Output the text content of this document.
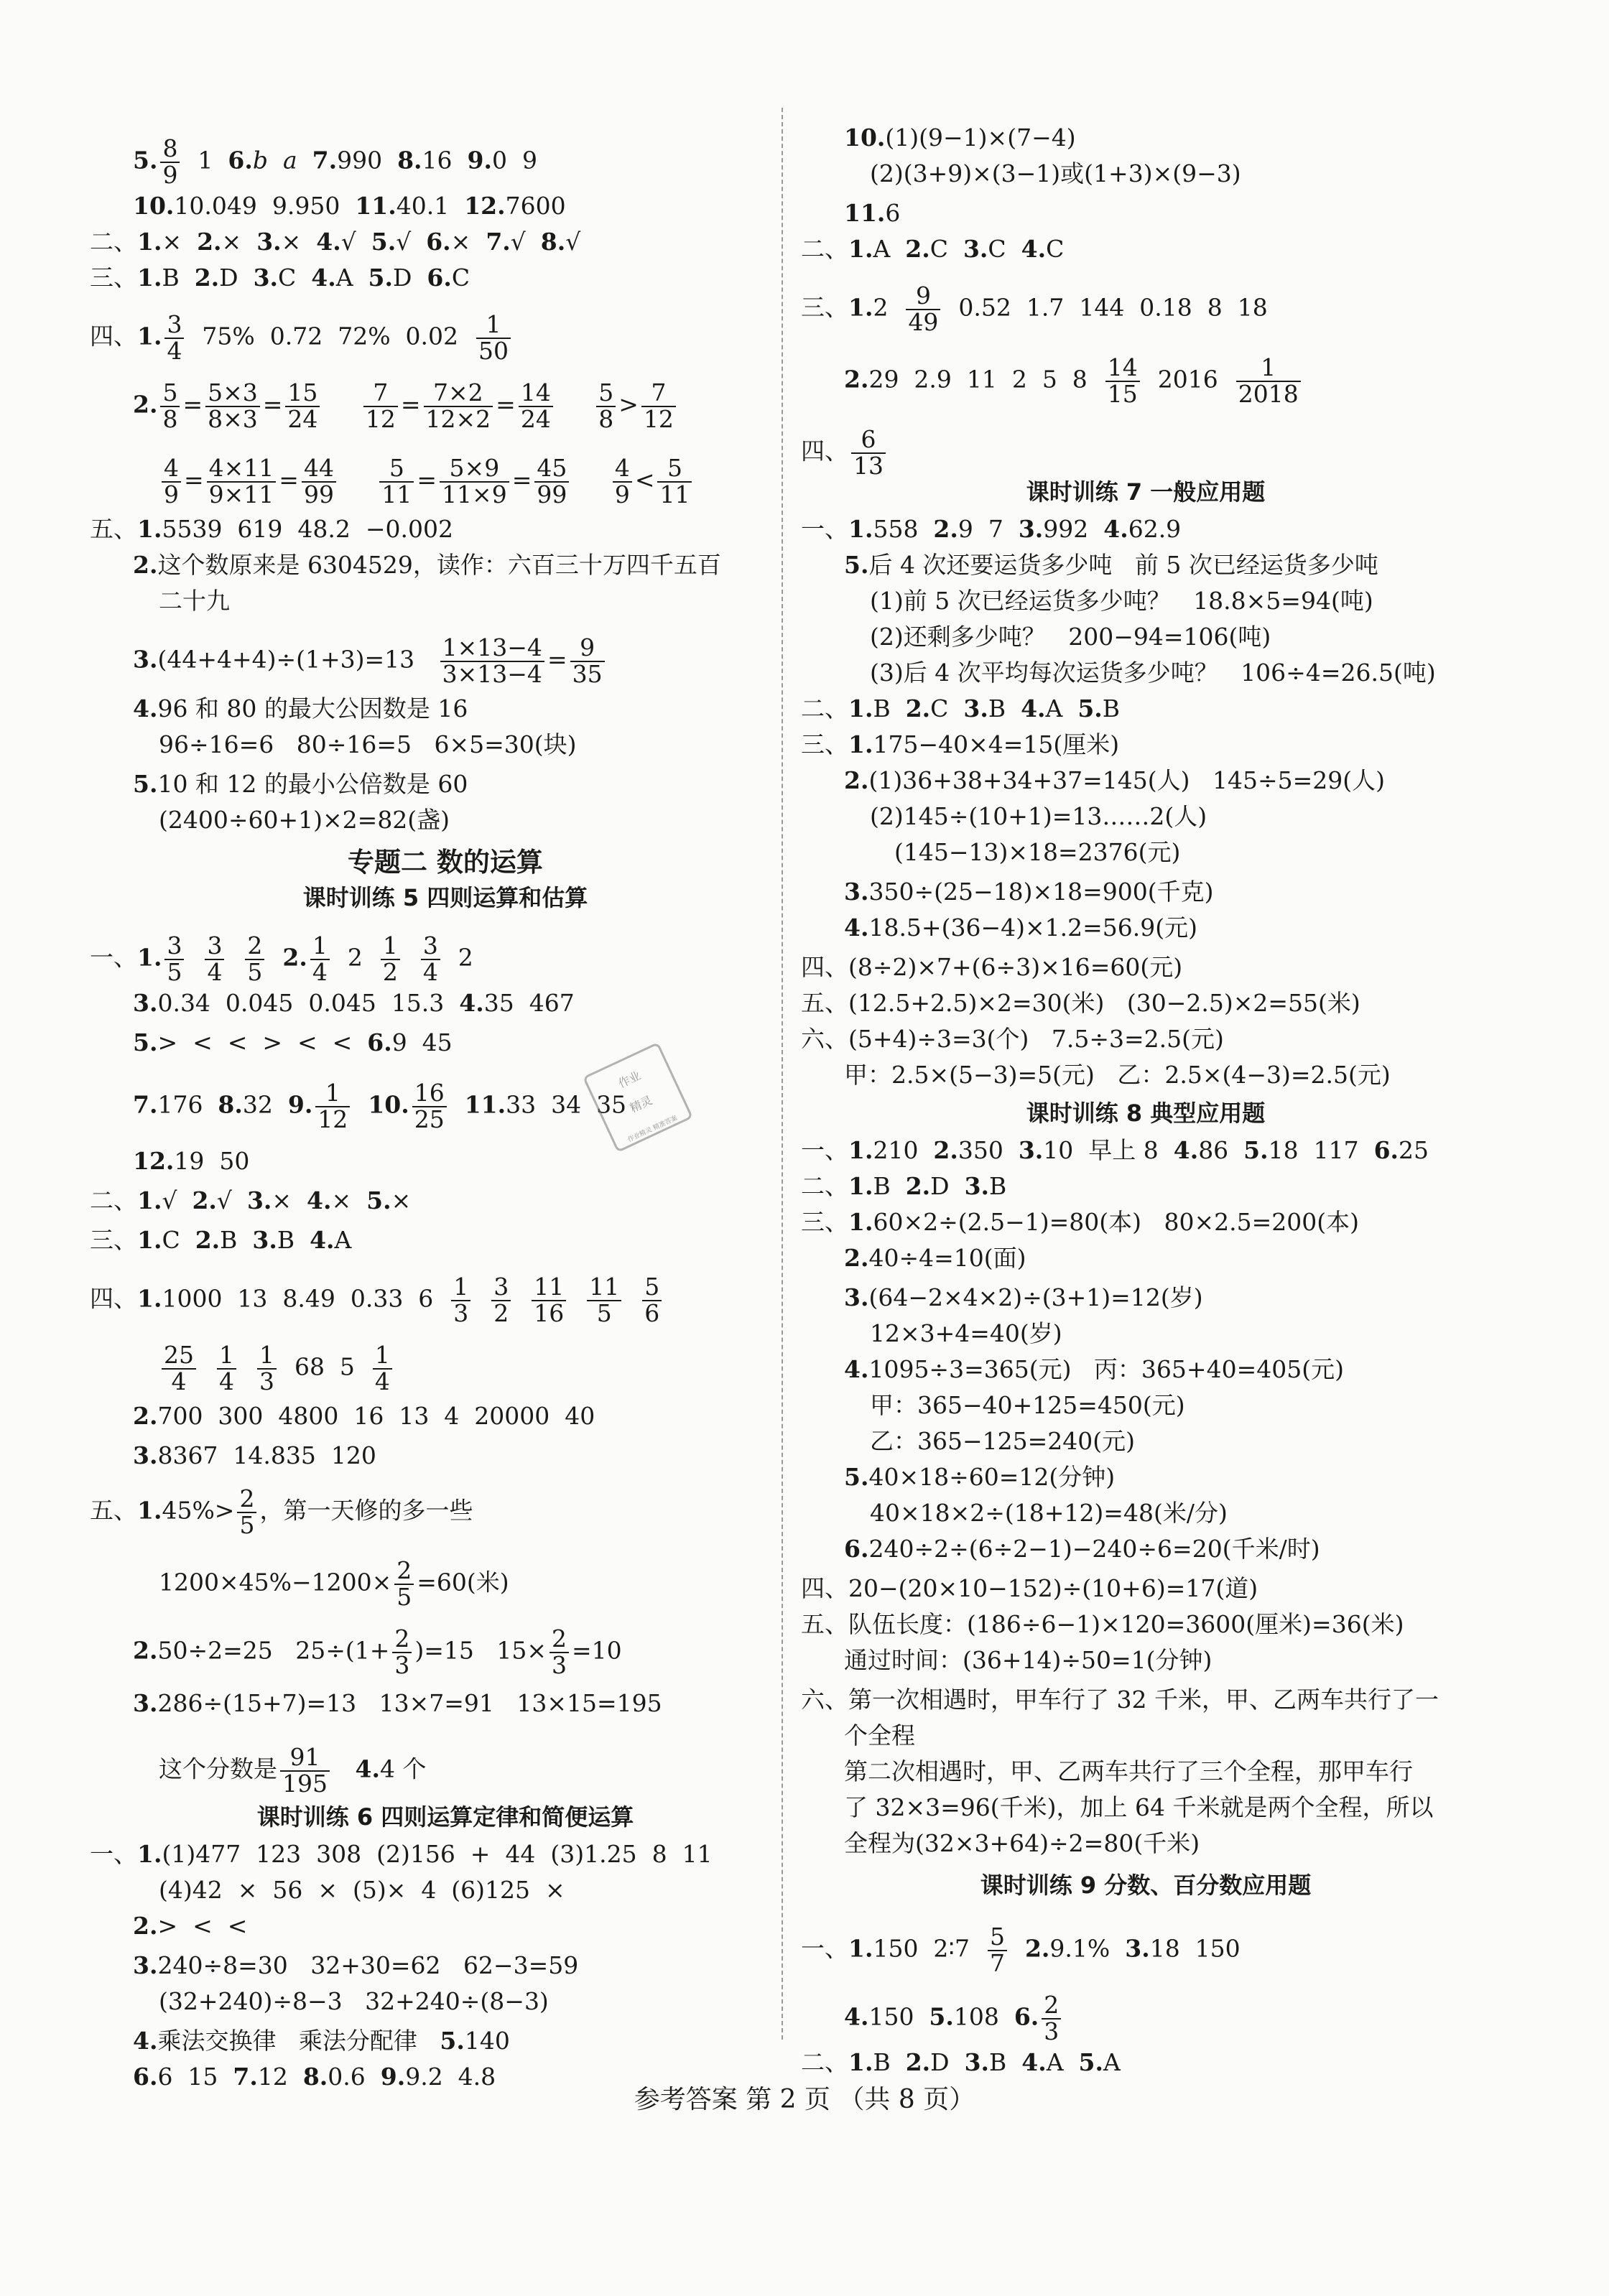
5. $\frac{8}{9} 1$  6.b a 7.990  8.16  9.0  9
10.10.049  9.950  11.40.1  12.7600
二、1.×  2.×  3.×  4.√  5.√  6.×  7.√  8.√
三、1.B  2.D  3.C  4.A  5.D  6.C
四、1. $\frac{3}{4} 75\%$  0.72  72%  $0.02 \frac{1}{50}$
2. $\frac{5}{8} = \frac{5\times 3}{8\times 3} = \frac{15}{24}$
$\frac{7}{12} = \frac{7\times 2}{12\times 2} = \frac{14}{24}$
$\frac{5}{8} > \frac{7}{12}$
$\frac{4}{9} = \frac{4\times 11}{9\times 11} = \frac{44}{99}$
$\frac{5}{11} = \frac{5\times 9}{11\times 9} = \frac{45}{99}$
$\frac{4}{9} < \frac{5}{11}$
五、1.5539  619  48.2  −0.002
2.这个数原来是 6304529，读作：六百三十万四千五百
二十九
$3.(44+4+4)\div(1+3)=13 \frac{1\times 13-4}{3\times 13-4} = \frac{9}{35}$
4.96 和 80 的最大公因数是 16
96÷16=6   80÷16=5   6×5=30(块)
5.10 和 12 的最小公倍数是 60
(2400÷60+1)×2=82(盏)
专题二 数的运算
课时训练 5 四则运算和估算
一、1. $\frac{3}{5}$
$\frac{3}{4}$
$\frac{2}{5} 2$. $\frac{1}{4} 2 \frac{1}{2}$
$\frac{3}{4} 2$
3.0.34  0.045  0.045  15.3  4.35  467
5.>  <  <  >  <  <  6.9  45
7.176  8.32  9. $\frac{1}{12} 10$. $\frac{16}{25} 11.33$  34  35
12.19  50
二、1.√  2.√  3.×  4.×  5.×
三、1.C  2.B  3.B  4.A
四、1.1000  13  8.49  0.33  $6 \frac{1}{3}$
$\frac{3}{2}$
$\frac{11}{16}$
$\frac{11}{5}$
$\frac{5}{6}$
$\frac{25}{4}$
$\frac{1}{4}$
$\frac{1}{3} 68$  $5 \frac{1}{4}$
2.700  300  4800  16  13  4  20000  40
3.8367  14.835  120
五、$1.45\%> \frac{2}{5}$ ，第一天修的多一些
$1200\times 45\%-1200\times \frac{2}{5} =60$(米)
2.50÷2=25   $25\div(1+ \frac{2}{3} )=15$   $15\times \frac{2}{3} =10$
3.286÷(15+7)=13   13×7=91   13×15=195
这个分数是 $\frac{91}{195} 4.4$ 个
课时训练 6 四则运算定律和简便运算
一、1.(1)477  123  308  (2)156  +  44  (3)1.25  8  11
(4)42  ×  56  ×  (5)×  4  (6)125  ×
2.>  <  <
3.240÷8=30   32+30=62   62−3=59
(32+240)÷8−3   32+240÷(8−3)
4.乘法交换律   乘法分配律   5.140
6.6  15  7.12  8.0.6  9.9.2  4.8
10.(1)(9−1)×(7−4)
(2)(3+9)×(3−1)或(1+3)×(9−3)
11.6
二、1.A  2.C  3.C  4.C
三、$1.2 \frac{9}{49} 0.52$  1.7  144  0.18  8  18
2.29  2.9  11  2  5  $8 \frac{14}{15} 2016 \frac{1}{2018}$
四、 $\frac{6}{13}$
课时训练 7 一般应用题
一、1.558  2.9  7  3.992  4.62.9
5.后 4 次还要运货多少吨   前 5 次已经运货多少吨
(1)前 5 次已经运货多少吨？   18.8×5=94(吨)
(2)还剩多少吨？   200−94=106(吨)
(3)后 4 次平均每次运货多少吨？   106÷4=26.5(吨)
二、1.B  2.C  3.B  4.A  5.B
三、1.175−40×4=15(厘米)
2.(1)36+38+34+37=145(人)   145÷5=29(人)
(2)145÷(10+1)=13……2(人)
(145−13)×18=2376(元)
3.350÷(25−18)×18=900(千克)
4.18.5+(36−4)×1.2=56.9(元)
四、(8÷2)×7+(6÷3)×16=60(元)
五、(12.5+2.5)×2=30(米)   (30−2.5)×2=55(米)
六、(5+4)÷3=3(个)   7.5÷3=2.5(元)
甲：2.5×(5−3)=5(元)   乙：2.5×(4−3)=2.5(元)
课时训练 8 典型应用题
一、1.210  2.350  3.10  早上 8  4.86  5.18  117  6.25
二、1.B  2.D  3.B
三、1.60×2÷(2.5−1)=80(本)   80×2.5=200(本)
2.40÷4=10(面)
3.(64−2×4×2)÷(3+1)=12(岁)
12×3+4=40(岁)
4.1095÷3=365(元)   丙：365+40=405(元)
甲：365−40+125=450(元)
乙：365−125=240(元)
5.40×18÷60=12(分钟)
40×18×2÷(18+12)=48(米/分)
6.240÷2÷(6÷2−1)−240÷6=20(千米/时)
四、20−(20×10−152)÷(10+6)=17(道)
五、队伍长度：(186÷6−1)×120=3600(厘米)=36(米)
通过时间：(36+14)÷50=1(分钟)
六、第一次相遇时，甲车行了 32 千米，甲、乙两车共行了一
个全程
第二次相遇时，甲、乙两车共行了三个全程，那甲车行
了 32×3=96(千米)，加上 64 千米就是两个全程，所以
全程为(32×3+64)÷2=80(千米)
课时训练 9 分数、百分数应用题
一、1.150  2∶7 $\frac{5}{7} 2.9.1\%$  3.18  150
4.150  5.108  6. $\frac{2}{3}$
二、1.B  2.D  3.B  4.A  5.A
作业
精灵
作业精灵 精准答案
参考答案 第 2 页 （共 8 页）
